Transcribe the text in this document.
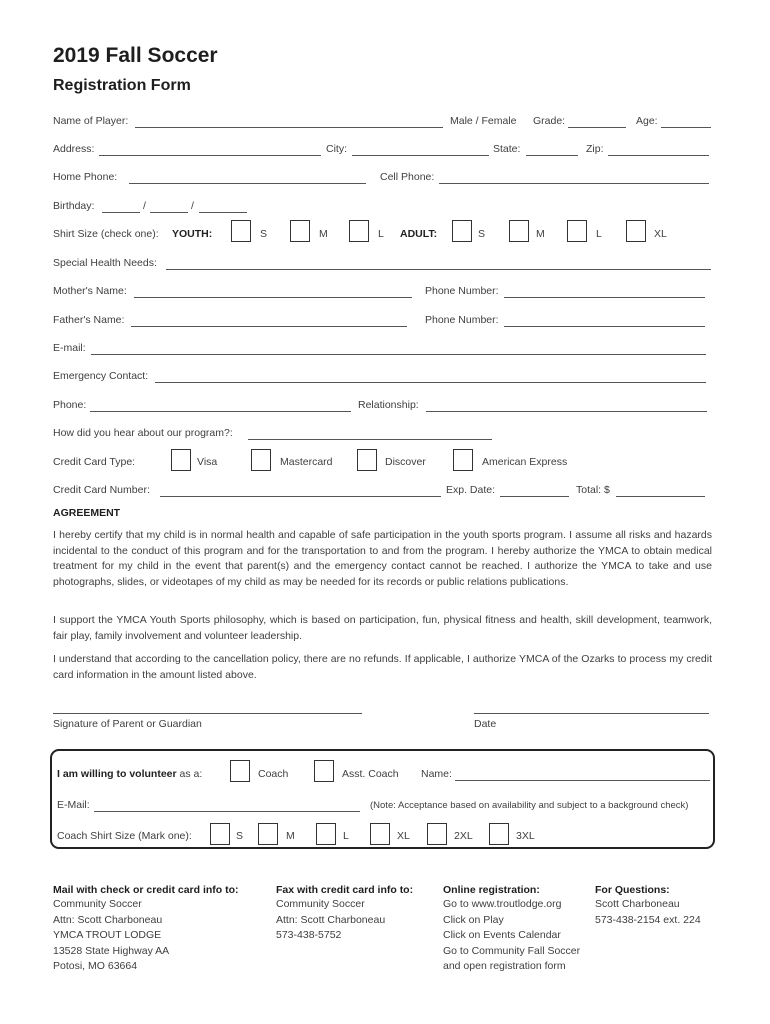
2019 Fall Soccer
Registration Form
Name of Player:	Male / Female Grade:	Age:
Address:	City:	State:	Zip:
Home Phone:	Cell Phone:
Birthday:	/	/
Shirt Size (check one): YOUTH:	S	M	L ADULT:	S	M	L	XL
Special Health Needs:
Mother's Name:	Phone Number:
Father's Name:	Phone Number:
E-mail:
Emergency Contact:
Phone:	Relationship:
How did you hear about our program?:
Credit Card Type:	Visa	Mastercard	Discover	American Express
Credit Card Number:	Exp. Date:	Total: $
AGREEMENT
I hereby certify that my child is in normal health and capable of safe participation in the youth sports program. I assume all risks and hazards incidental to the conduct of this program and for the transportation to and from the program. I hereby authorize the YMCA to obtain medical treatment for my child in the event that parent(s) and the emergency contact cannot be reached. I authorize the YMCA to take and use photographs, slides, or videotapes of my child as may be needed for its records or public relations publications.
I support the YMCA Youth Sports philosophy, which is based on participation, fun, physical fitness and health, skill development, teamwork, fair play, family involvement and volunteer leadership.
I understand that according to the cancellation policy, there are no refunds. If applicable, I authorize YMCA of the Ozarks to process my credit card information in the amount listed above.
Signature of Parent or Guardian	Date
I am willing to volunteer as a:	Coach	Asst. Coach Name:
E-Mail:	(Note: Acceptance based on availability and subject to a background check)
Coach Shirt Size (Mark one):	S	M	L	XL	2XL	3XL
Mail with check or credit card info to:
Community Soccer
Attn: Scott Charboneau
YMCA TROUT LODGE
13528 State Highway AA
Potosi, MO 63664
Fax with credit card info to:
Community Soccer
Attn: Scott Charboneau
573-438-5752
Online registration:
Go to www.troutlodge.org
Click on Play
Click on Events Calendar
Go to Community Fall Soccer
and open registration form
For Questions:
Scott Charboneau
573-438-2154 ext. 224
